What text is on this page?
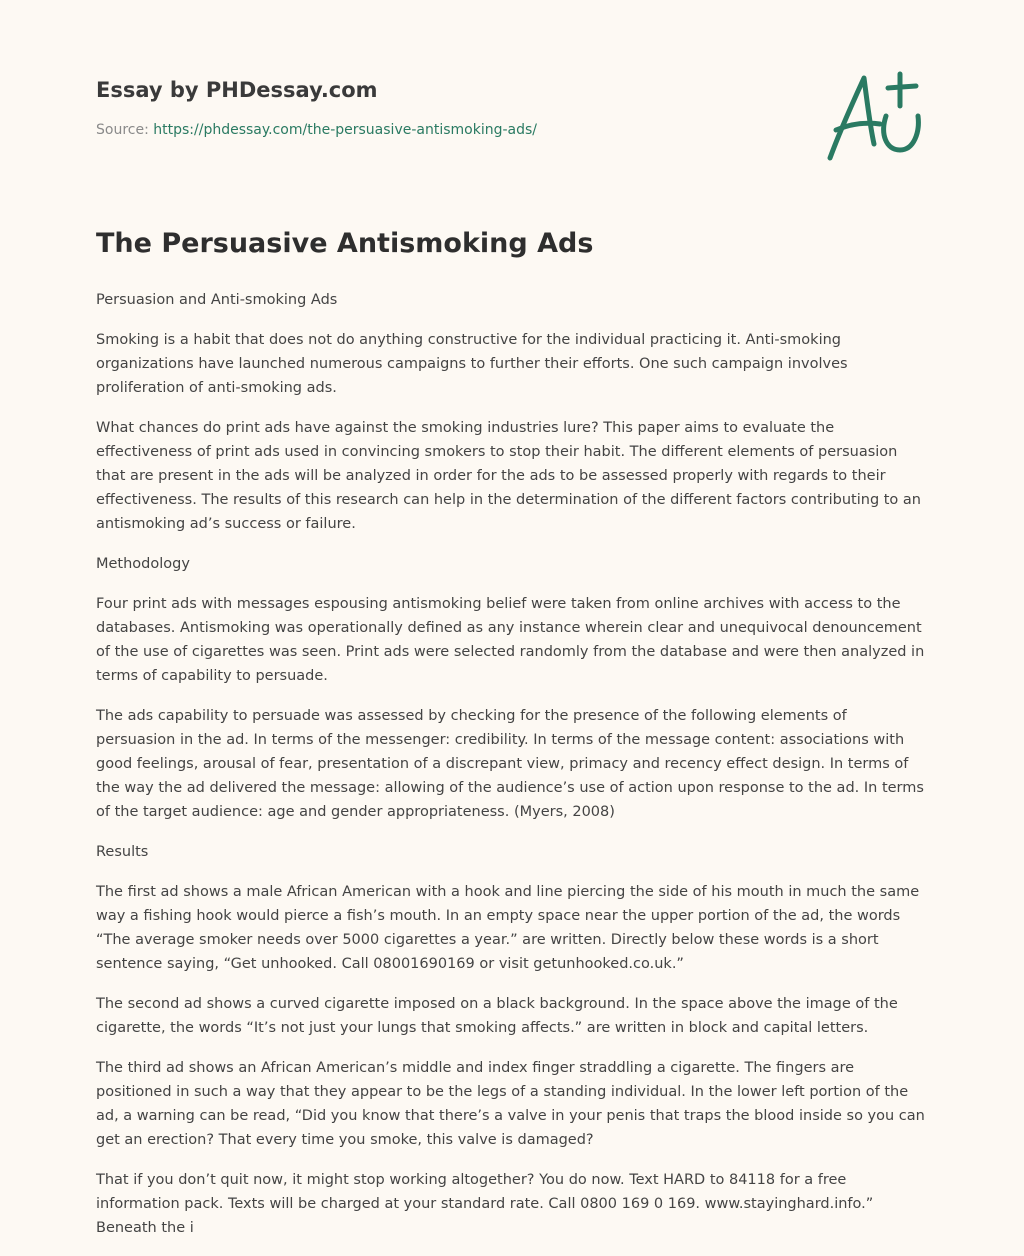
Essay by PHDessay.com
Source: https://phdessay.com/the-persuasive-antismoking-ads/
The Persuasive Antismoking Ads

Persuasion and Anti-smoking Ads

Smoking is a habit that does not do anything constructive for the individual practicing it. Anti-smoking organizations have launched numerous campaigns to further their efforts. One such campaign involves proliferation of anti-smoking ads.

What chances do print ads have against the smoking industries lure? This paper aims to evaluate the effectiveness of print ads used in convincing smokers to stop their habit. The different elements of persuasion that are present in the ads will be analyzed in order for the ads to be assessed properly with regards to their effectiveness. The results of this research can help in the determination of the different factors contributing to an antismoking ad’s success or failure.

Methodology

Four print ads with messages espousing antismoking belief were taken from online archives with access to the databases. Antismoking was operationally defined as any instance wherein clear and unequivocal denouncement of the use of cigarettes was seen. Print ads were selected randomly from the database and were then analyzed in terms of capability to persuade.

The ads capability to persuade was assessed by checking for the presence of the following elements of persuasion in the ad. In terms of the messenger: credibility. In terms of the message content: associations with good feelings, arousal of fear, presentation of a discrepant view, primacy and recency effect design. In terms of the way the ad delivered the message: allowing of the audience’s use of action upon response to the ad. In terms of the target audience: age and gender appropriateness. (Myers, 2008)

Results

The first ad shows a male African American with a hook and line piercing the side of his mouth in much the same way a fishing hook would pierce a fish’s mouth. In an empty space near the upper portion of the ad, the words “The average smoker needs over 5000 cigarettes a year.” are written. Directly below these words is a short sentence saying, “Get unhooked. Call 08001690169 or visit getunhooked.co.uk.”

The second ad shows a curved cigarette imposed on a black background. In the space above the image of the cigarette, the words “It’s not just your lungs that smoking affects.” are written in block and capital letters.

The third ad shows an African American’s middle and index finger straddling a cigarette. The fingers are positioned in such a way that they appear to be the legs of a standing individual. In the lower left portion of the ad, a warning can be read, “Did you know that there’s a valve in your penis that traps the blood inside so you can get an erection? That every time you smoke, this valve is damaged?

That if you don’t quit now, it might stop working altogether? You do now. Text HARD to 84118 for a free information pack. Texts will be charged at your standard rate. Call 0800 169 0 169. www.stayinghard.info.” Beneath the i
